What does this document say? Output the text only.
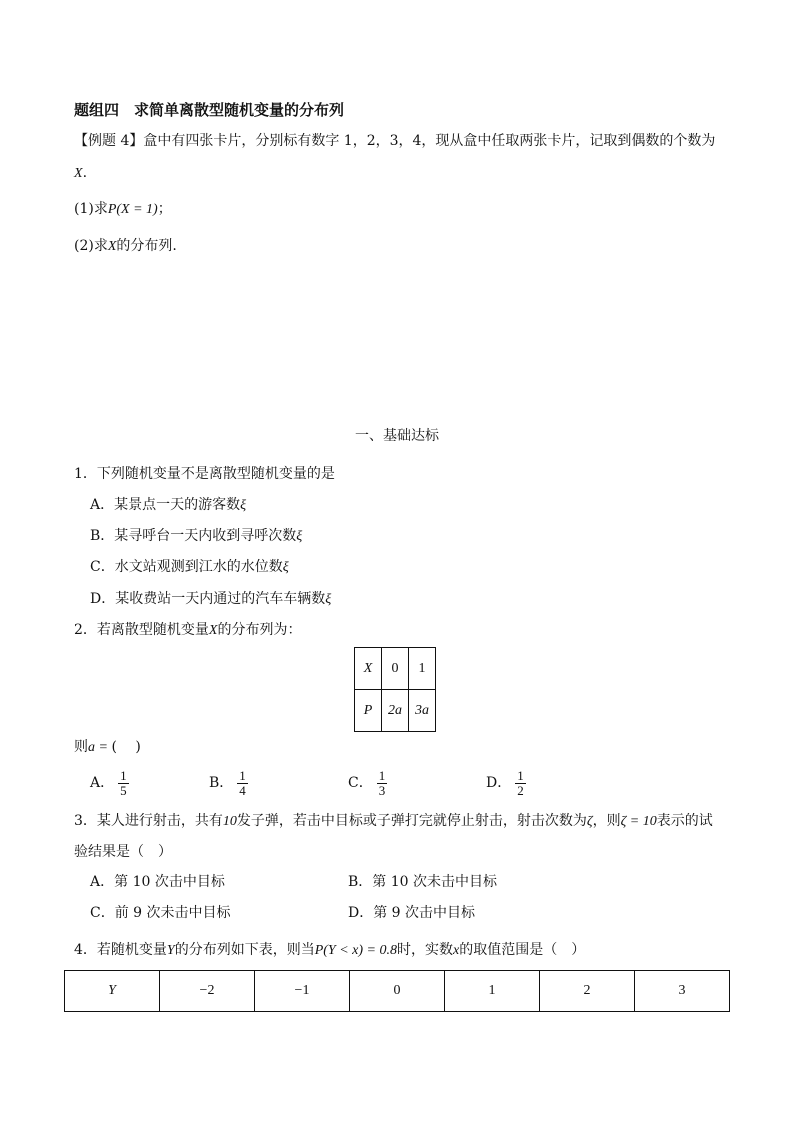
题组四　求简单离散型随机变量的分布列
【例题 4】盒中有四张卡片，分别标有数字 1，2，3，4，现从盒中任取两张卡片，记取到偶数的个数为
X.
(1)求P(X = 1)；
(2)求X的分布列.
一、基础达标
1．下列随机变量不是离散型随机变量的是
A．某景点一天的游客数ξ
B．某寻呼台一天内收到寻呼次数ξ
C．水文站观测到江水的水位数ξ
D．某收费站一天内通过的汽车车辆数ξ
2．若离散型随机变量X的分布列为：
X	0	1
P	2a	3a
则a = (　 )
A． $\frac{1}{5}$	B． $\frac{1}{4}$	C． $\frac{1}{3}$	D． $\frac{1}{2}$
3．某人进行射击，共有10发子弹，若击中目标或子弹打完就停止射击，射击次数为ζ，则ζ = 10表示的试
验结果是（　）
A．第 10 次击中目标	B．第 10 次未击中目标
C．前 9 次未击中目标	D．第 9 次击中目标
4．若随机变量Y的分布列如下表，则当P(Y < x) = 0.8时，实数x的取值范围是（　）
Y	−2	−1	0	1	2	3
